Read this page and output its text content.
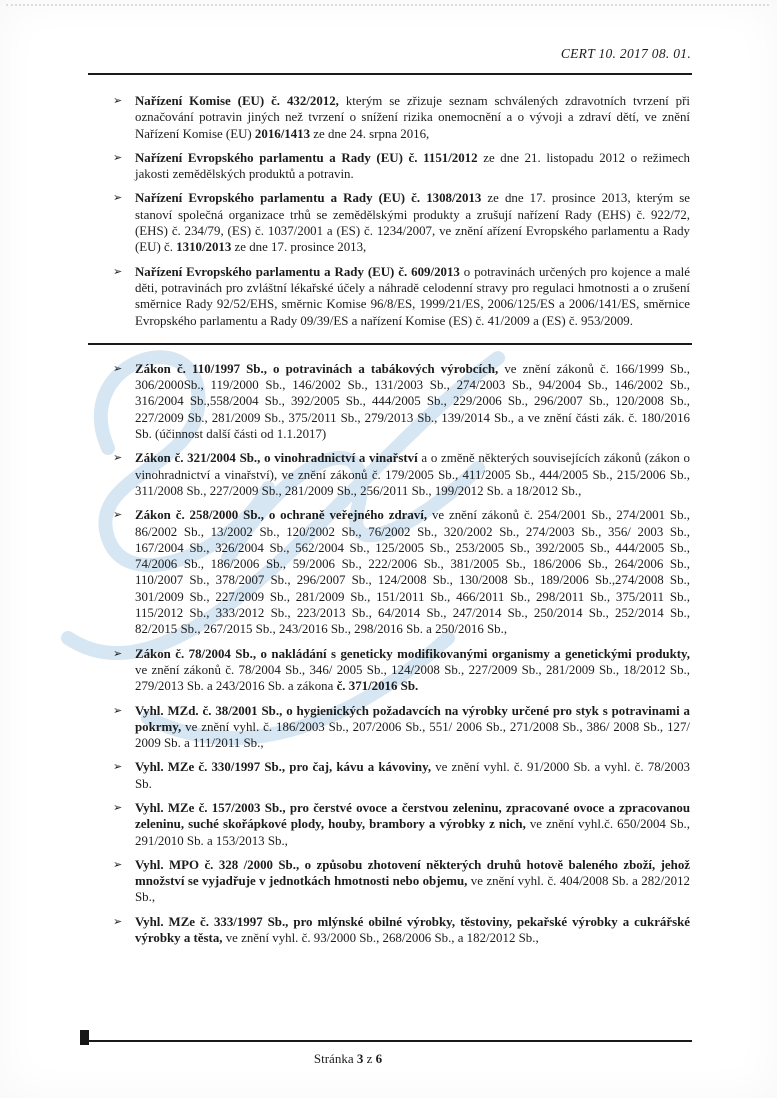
CERT 10. 2017 08. 01.
➢ Nařízení Komise (EU) č. 432/2012, kterým se zřizuje seznam schválených zdravotních tvrzení při označování potravin jiných než tvrzení o snížení rizika onemocnění a o vývoji a zdraví dětí, ve znění Nařízení Komise (EU) 2016/1413 ze dne 24. srpna 2016,
➢ Nařízení Evropského parlamentu a Rady (EU) č. 1151/2012 ze dne 21. listopadu 2012 o režimech jakosti zemědělských produktů a potravin.
➢ Nařízení Evropského parlamentu a Rady (EU) č. 1308/2013 ze dne 17. prosince 2013, kterým se stanoví společná organizace trhů se zemědělskými produkty a zrušují nařízení Rady (EHS) č. 922/72, (EHS) č. 234/79, (ES) č. 1037/2001 a (ES) č. 1234/2007, ve znění ařízení Evropského parlamentu a Rady (EU) č. 1310/2013 ze dne 17. prosince 2013,
➢ Nařízení Evropského parlamentu a Rady (EU) č. 609/2013 o potravinách určených pro kojence a malé děti, potravinách pro zvláštní lékařské účely a náhradě celodenní stravy pro regulaci hmotnosti a o zrušení směrnice Rady 92/52/EHS, směrnic Komise 96/8/ES, 1999/21/ES, 2006/125/ES a 2006/141/ES, směrnice Evropského parlamentu a Rady 09/39/ES a nařízení Komise (ES) č. 41/2009 a (ES) č. 953/2009.
➢ Zákon č. 110/1997 Sb., o potravinách a tabákových výrobcích, ve znění zákonů č. 166/1999 Sb., 306/2000Sb., 119/2000 Sb., 146/2002 Sb., 131/2003 Sb., 274/2003 Sb., 94/2004 Sb., 146/2002 Sb., 316/2004 Sb.,558/2004 Sb., 392/2005 Sb., 444/2005 Sb., 229/2006 Sb., 296/2007 Sb., 120/2008 Sb., 227/2009 Sb., 281/2009 Sb., 375/2011 Sb., 279/2013 Sb., 139/2014 Sb., a ve znění části zák. č. 180/2016 Sb. (účinnost další části od 1.1.2017)
➢ Zákon č. 321/2004 Sb., o vinohradnictví a vinařství a o změně některých souvisejících zákonů (zákon o vinohradnictví a vinařství), ve znění zákonů č. 179/2005 Sb., 411/2005 Sb., 444/2005 Sb., 215/2006 Sb., 311/2008 Sb., 227/2009 Sb., 281/2009 Sb., 256/2011 Sb., 199/2012 Sb. a 18/2012 Sb.,
➢ Zákon č. 258/2000 Sb., o ochraně veřejného zdraví, ve znění zákonů č. 254/2001 Sb., 274/2001 Sb., 86/2002 Sb., 13/2002 Sb., 120/2002 Sb., 76/2002 Sb., 320/2002 Sb., 274/2003 Sb., 356/ 2003 Sb., 167/2004 Sb., 326/2004 Sb., 562/2004 Sb., 125/2005 Sb., 253/2005 Sb., 392/2005 Sb., 444/2005 Sb., 74/2006 Sb., 186/2006 Sb., 59/2006 Sb., 222/2006 Sb., 381/2005 Sb., 186/2006 Sb., 264/2006 Sb., 110/2007 Sb., 378/2007 Sb., 296/2007 Sb., 124/2008 Sb., 130/2008 Sb., 189/2006 Sb.,274/2008 Sb., 301/2009 Sb., 227/2009 Sb., 281/2009 Sb., 151/2011 Sb., 466/2011 Sb., 298/2011 Sb., 375/2011 Sb., 115/2012 Sb., 333/2012 Sb., 223/2013 Sb., 64/2014 Sb., 247/2014 Sb., 250/2014 Sb., 252/2014 Sb., 82/2015 Sb., 267/2015 Sb., 243/2016 Sb., 298/2016 Sb. a 250/2016 Sb.,
➢ Zákon č. 78/2004 Sb., o nakládání s geneticky modifikovanými organismy a genetickými produkty, ve znění zákonů č. 78/2004 Sb., 346/ 2005 Sb., 124/2008 Sb., 227/2009 Sb., 281/2009 Sb., 18/2012 Sb., 279/2013 Sb. a 243/2016 Sb. a zákona č. 371/2016 Sb.
➢ Vyhl. MZd. č. 38/2001 Sb., o hygienických požadavcích na výrobky určené pro styk s potravinami a pokrmy, ve znění vyhl. č. 186/2003 Sb., 207/2006 Sb., 551/ 2006 Sb., 271/2008 Sb., 386/ 2008 Sb., 127/ 2009 Sb. a 111/2011 Sb.,
➢ Vyhl. MZe č. 330/1997 Sb., pro čaj, kávu a kávoviny, ve znění vyhl. č. 91/2000 Sb. a vyhl. č. 78/2003 Sb.
➢ Vyhl. MZe č. 157/2003 Sb., pro čerstvé ovoce a čerstvou zeleninu, zpracované ovoce a zpracovanou zeleninu, suché skořápkové plody, houby, brambory a výrobky z nich, ve znění vyhl.č. 650/2004 Sb., 291/2010 Sb. a 153/2013 Sb.,
➢ Vyhl. MPO č. 328 /2000 Sb., o způsobu zhotovení některých druhů hotově baleného zboží, jehož množství se vyjadřuje v jednotkách hmotnosti nebo objemu, ve znění vyhl. č. 404/2008 Sb. a 282/2012 Sb.,
➢ Vyhl. MZe č. 333/1997 Sb., pro mlýnské obilné výrobky, těstoviny, pekařské výrobky a cukrářské výrobky a těsta, ve znění vyhl. č. 93/2000 Sb., 268/2006 Sb., a 182/2012 Sb.,
Stránka 3 z 6
